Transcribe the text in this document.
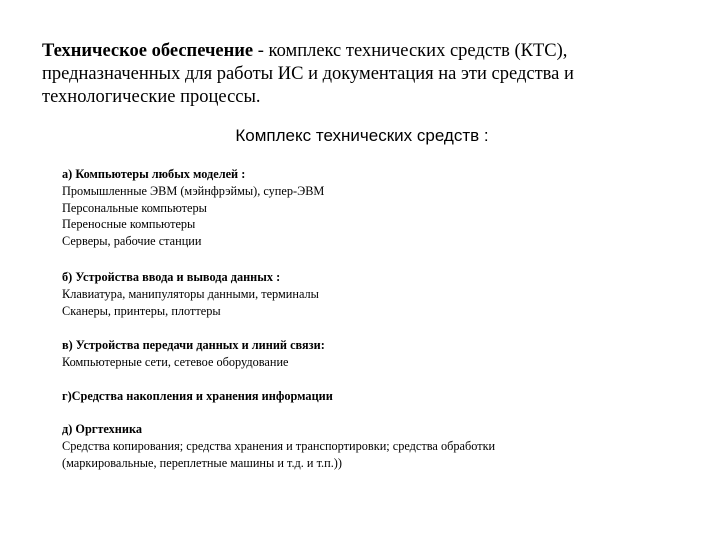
Техническое обеспечение - комплекс технических средств (КТС), предназначенных для работы ИС и документация на эти средства и технологические процессы.

Комплекс технических средств :

а) Компьютеры любых моделей :
Промышленные ЭВМ (мэйнфрэймы), супер-ЭВМ
Персональные компьютеры
Переносные компьютеры
Серверы, рабочие станции
б) Устройства ввода и вывода данных :
Клавиатура, манипуляторы данными, терминалы
Сканеры, принтеры, плоттеры
в) Устройства передачи данных и линий связи:
Компьютерные сети, сетевое оборудование
г)Средства накопления и хранения информации
д) Оргтехника
Средства копирования; средства хранения и транспортировки; средства обработки
(маркировальные, переплетные машины и т.д. и т.п.))
